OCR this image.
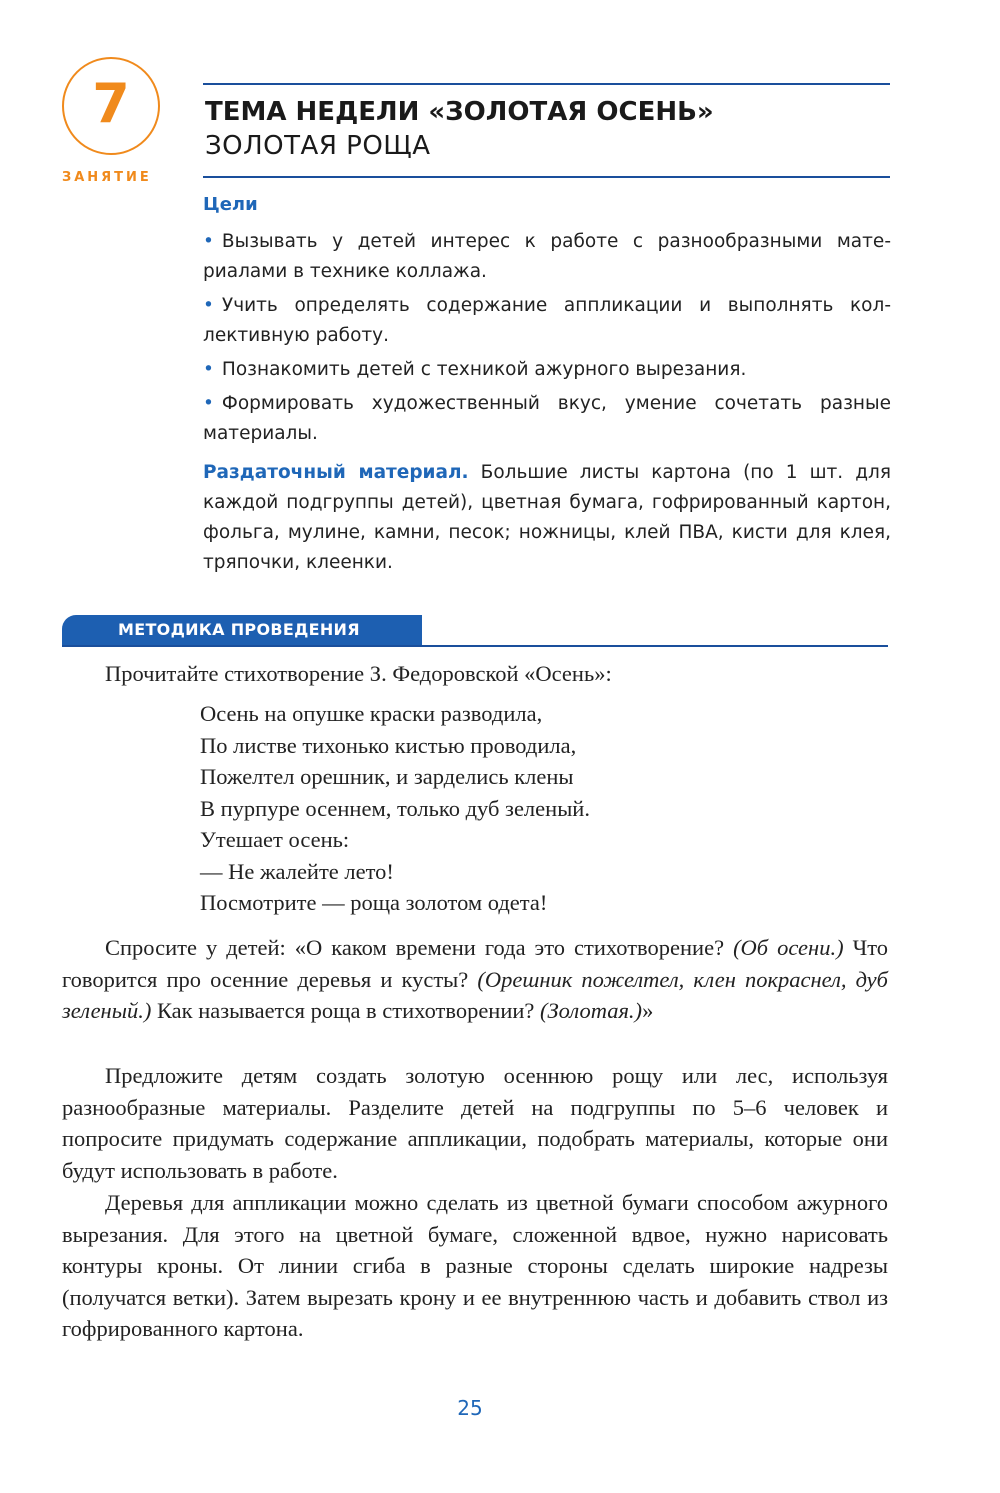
7
ЗАНЯТИЕ
ТЕМА НЕДЕЛИ «ЗОЛОТАЯ ОСЕНЬ»
ЗОЛОТАЯ РОЩА
Цели
• Вызывать у детей интерес к работе с разнообразными материалами в технике коллажа.
• Учить определять содержание аппликации и выполнять коллективную работу.
• Познакомить детей с техникой ажурного вырезания.
• Формировать художественный вкус, умение сочетать разные материалы.

Раздаточный материал. Большие листы картона (по 1 шт. для каждой подгруппы детей), цветная бумага, гофрированный картон, фольга, мулине, камни, песок; ножницы, клей ПВА, кисти для клея, тряпочки, клеенки.

МЕТОДИКА ПРОВЕДЕНИЯ

Прочитайте стихотворение З. Федоровской «Осень»:

Осень на опушке краски разводила,
По листве тихонько кистью проводила,
Пожелтел орешник, и зарделись клены
В пурпуре осеннем, только дуб зеленый.
Утешает осень:
— Не жалейте лето!
Посмотрите — роща золотом одета!

Спросите у детей: «О каком времени года это стихотворение? (Об осени.) Что говорится про осенние деревья и кусты? (Орешник пожелтел, клен покраснел, дуб зеленый.) Как называется роща в стихотворении? (Золотая.)»

Предложите детям создать золотую осеннюю рощу или лес, используя разнообразные материалы. Разделите детей на подгруппы по 5–6 человек и попросите придумать содержание аппликации, подобрать материалы, которые они будут использовать в работе.

Деревья для аппликации можно сделать из цветной бумаги способом ажурного вырезания. Для этого на цветной бумаге, сложенной вдвое, нужно нарисовать контуры кроны. От линии сгиба в разные стороны сделать широкие надрезы (получатся ветки). Затем вырезать крону и ее внутреннюю часть и добавить ствол из гофрированного картона.

25
